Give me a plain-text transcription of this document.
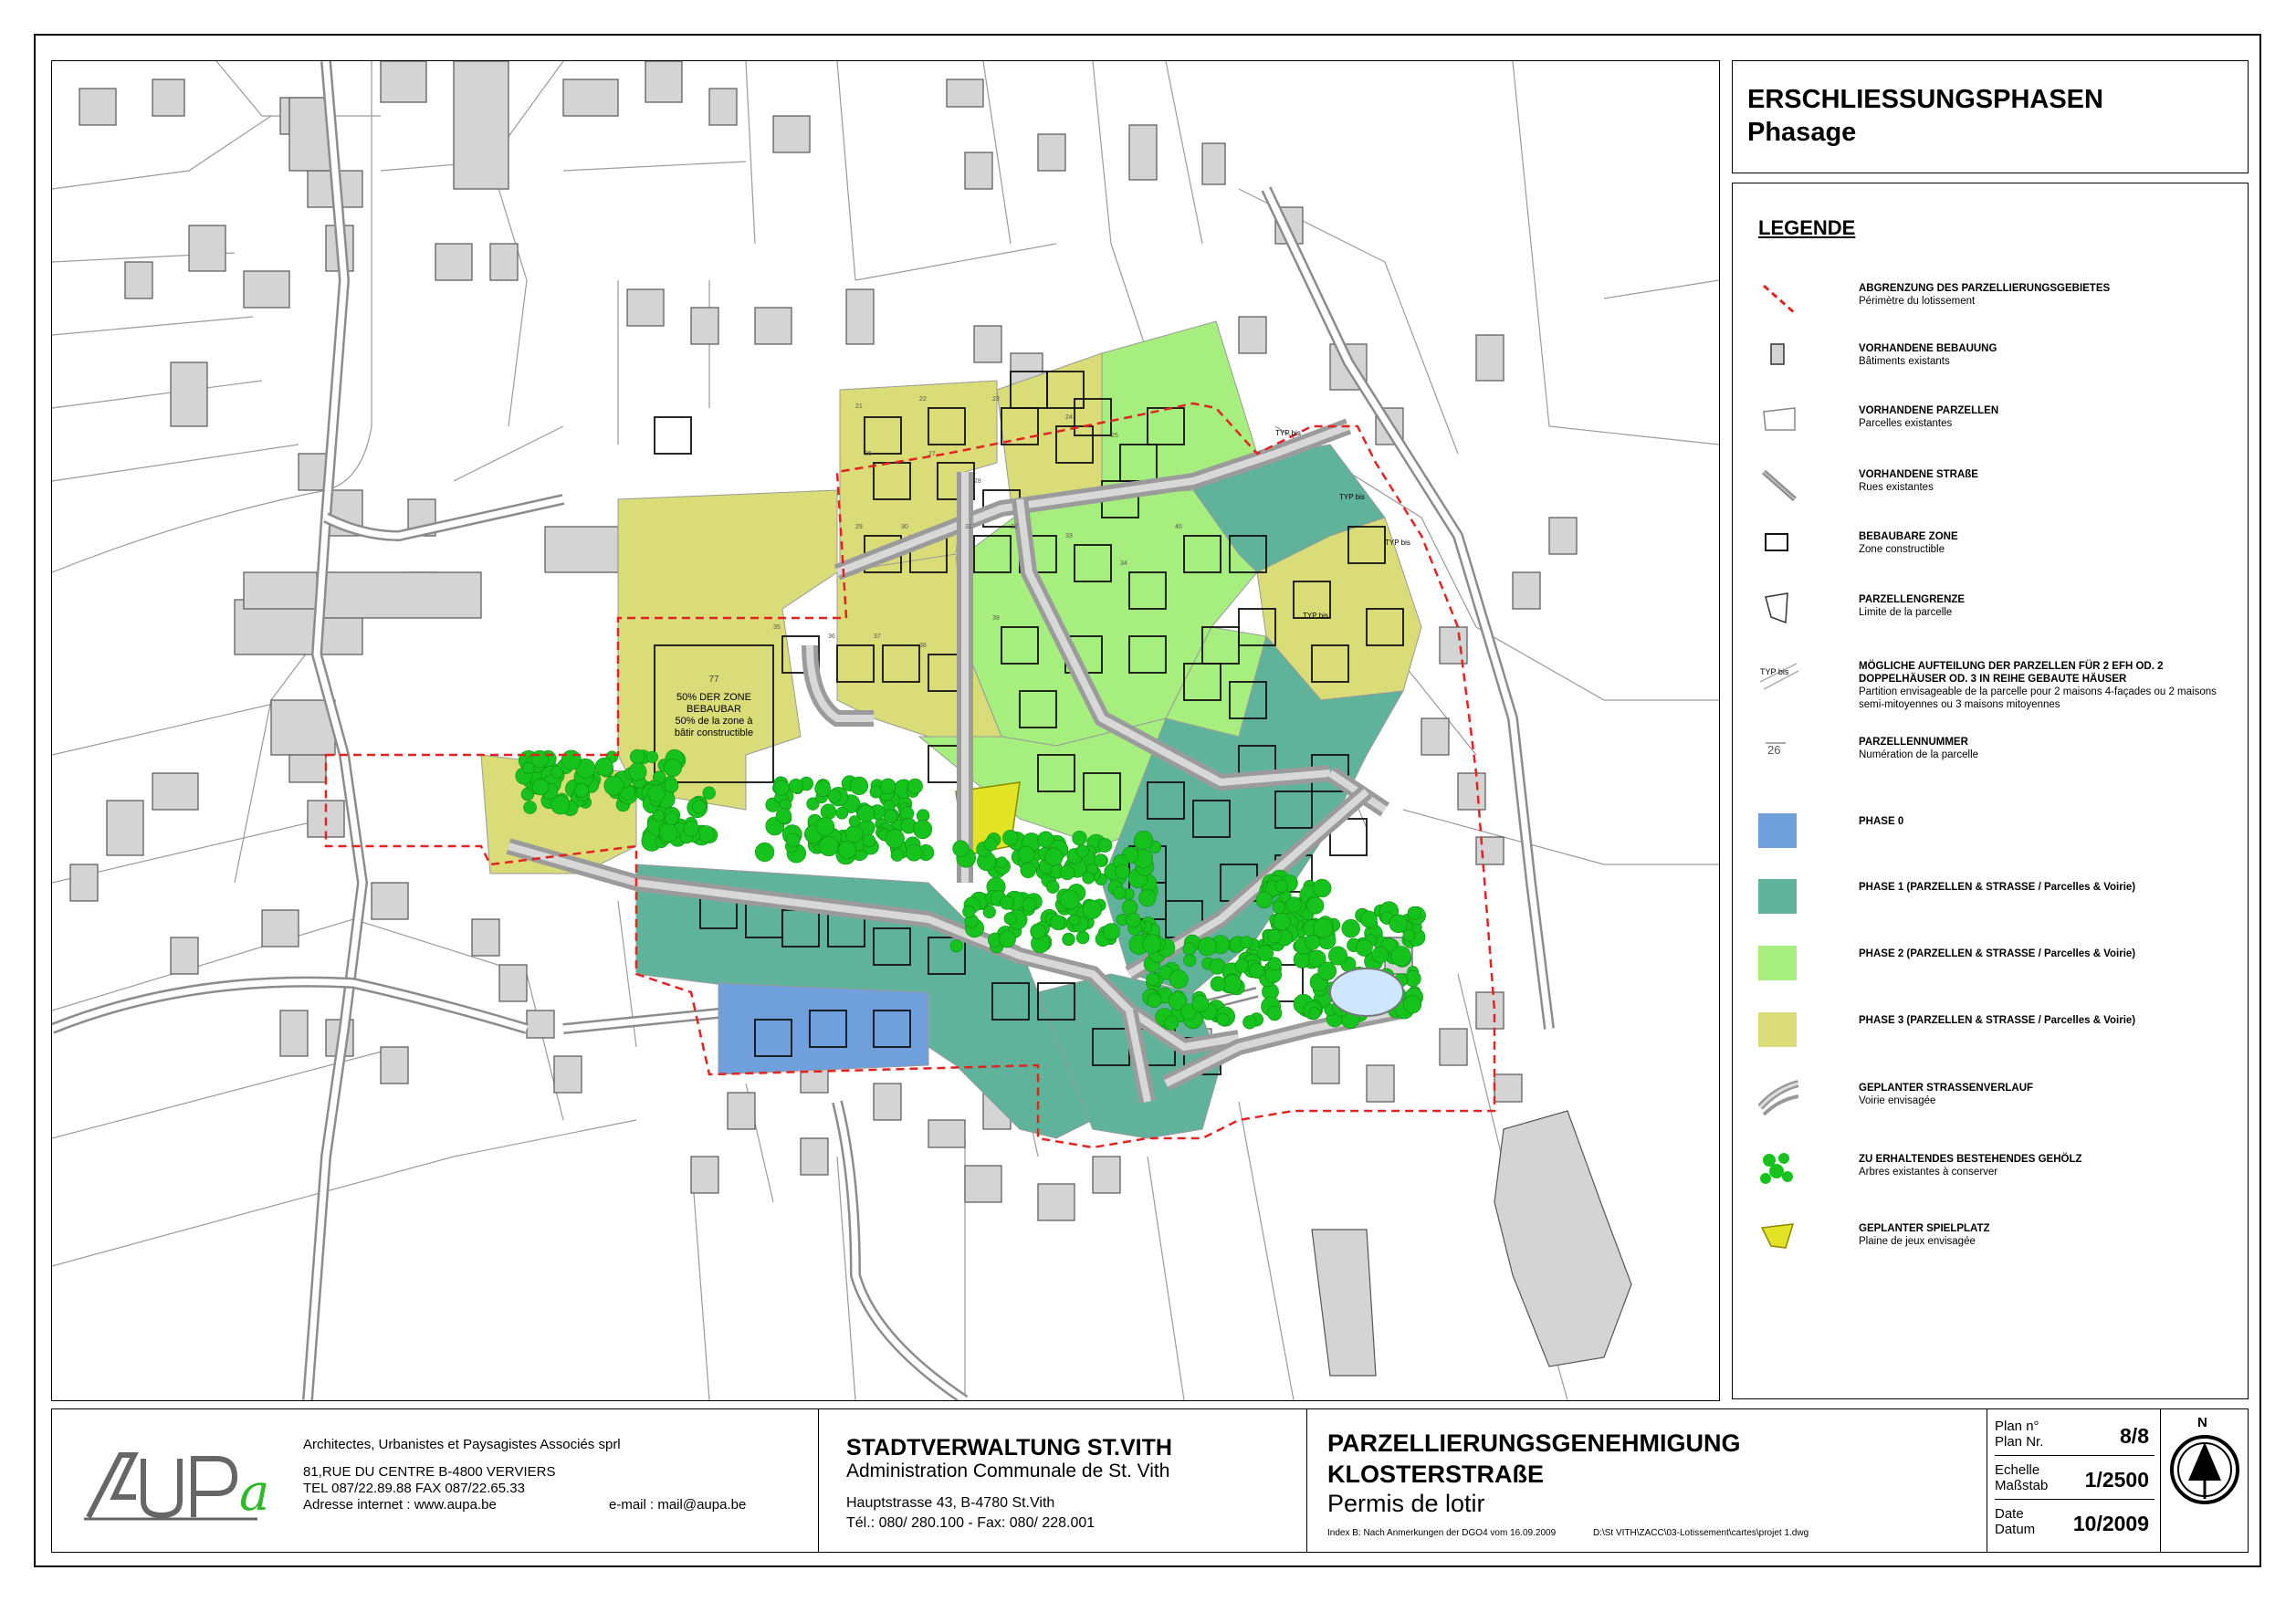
50% DER ZONE BEBAUBAR 50% de la zone à bâtir constructible
77
TYP bis
TYP bis
TYP bis
TYP bis
21
22	23
24
25
26	27
28
29	30	31	32
33
34
35
36	37
38
39
40
ERSCHLIESSUNGSPHASEN
Phasage
LEGENDE
ABGRENZUNG DES PARZELLIERUNGSGEBIETES
Périmètre du lotissement
VORHANDENE BEBAUUNG
Bâtiments existants
VORHANDENE PARZELLEN
Parcelles existantes
VORHANDENE STRAßE
Rues existantes
BEBAUBARE ZONE
Zone constructible
PARZELLENGRENZE
Limite de la parcelle
TYP bis	MÖGLICHE AUFTEILUNG DER PARZELLEN FÜR 2 EFH OD. 2 DOPPELHÄUSER OD. 3 IN REIHE GEBAUTE HÄUSER
Partition envisageable de la parcelle pour 2 maisons 4-façades ou 2 maisons semi-mitoyennes ou 3 maisons mitoyennes
26
PARZELLENNUMMER
Numération de la parcelle
PHASE 0
PHASE 1 (PARZELLEN & STRASSE / Parcelles & Voirie)
PHASE 2 (PARZELLEN & STRASSE / Parcelles & Voirie)
PHASE 3 (PARZELLEN & STRASSE / Parcelles & Voirie)
GEPLANTER STRASSENVERLAUF
Voirie envisagée
ZU ERHALTENDES BESTEHENDES GEHÖLZ
Arbres existantes à conserver
GEPLANTER SPIELPLATZ
Plaine de jeux envisagée
a
Architectes, Urbanistes et Paysagistes Associés sprl
81,RUE DU CENTRE B-4800 VERVIERS
TEL 087/22.89.88 FAX 087/22.65.33
Adresse internet : www.aupa.be	e-mail : mail@aupa.be
STADTVERWALTUNG ST.VITH
Administration Communale de St. Vith
Hauptstrasse 43, B-4780 St.Vith
Tél.: 080/ 280.100 - Fax: 080/ 228.001
PARZELLIERUNGSGENEHMIGUNG
KLOSTERSTRAßE
Permis de lotir
Index B: Nach Anmerkungen der DGO4 vom 16.09.2009	D:\St VITH\ZACC\03-Lotissement\cartes\projet 1.dwg
Plan n°
Plan Nr.	8/8
Echelle
Maßstab 1/2500
Date
Datum 10/2009
N
